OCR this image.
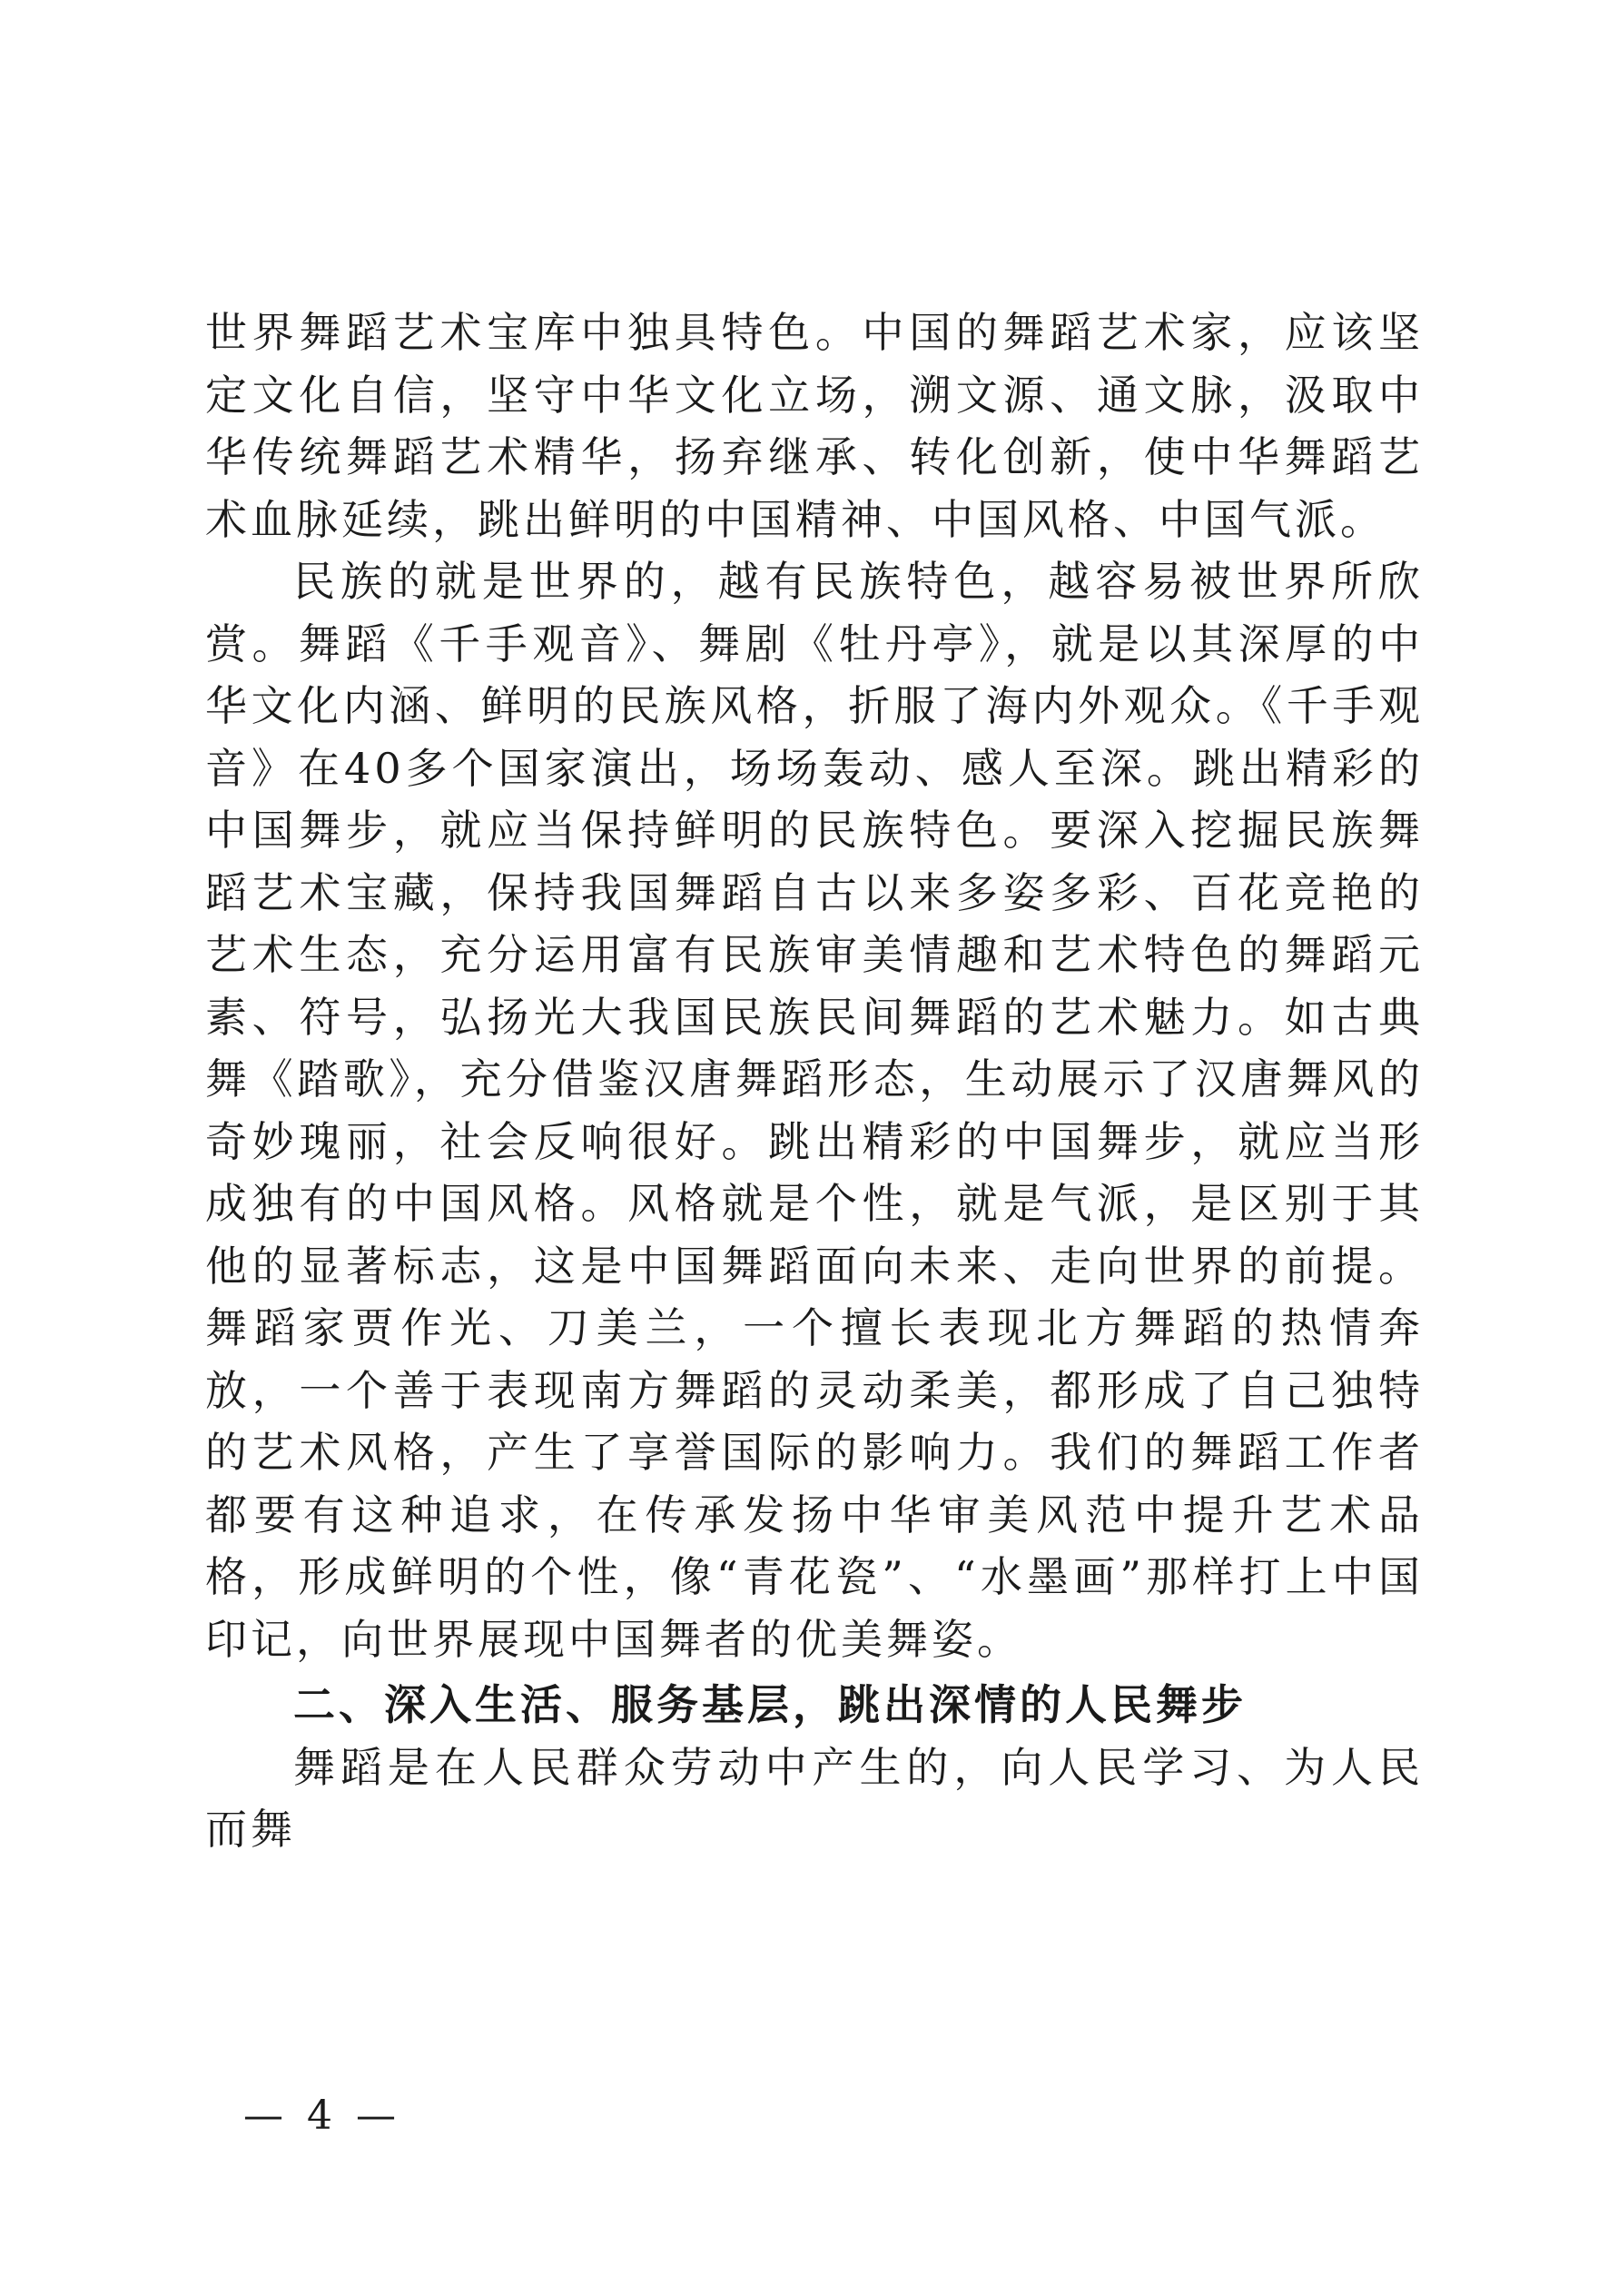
世界舞蹈艺术宝库中独具特色。中国的舞蹈艺术家，应该坚定文化自信，坚守中华文化立场，溯文源、通文脉，汲取中华传统舞蹈艺术精华，扬弃继承、转化创新，使中华舞蹈艺术血脉延续，跳出鲜明的中国精神、中国风格、中国气派。

民族的就是世界的，越有民族特色，越容易被世界所欣赏。舞蹈《千手观音》、舞剧《牡丹亭》，就是以其深厚的中华文化内涵、鲜明的民族风格，折服了海内外观众。《千手观音》在40多个国家演出，场场轰动、感人至深。跳出精彩的中国舞步，就应当保持鲜明的民族特色。要深入挖掘民族舞蹈艺术宝藏，保持我国舞蹈自古以来多姿多彩、百花竞艳的艺术生态，充分运用富有民族审美情趣和艺术特色的舞蹈元素、符号，弘扬光大我国民族民间舞蹈的艺术魅力。如古典舞《踏歌》，充分借鉴汉唐舞蹈形态，生动展示了汉唐舞风的奇妙瑰丽，社会反响很好。跳出精彩的中国舞步，就应当形成独有的中国风格。风格就是个性，就是气派，是区别于其他的显著标志，这是中国舞蹈面向未来、走向世界的前提。舞蹈家贾作光、刀美兰，一个擅长表现北方舞蹈的热情奔放，一个善于表现南方舞蹈的灵动柔美，都形成了自己独特的艺术风格，产生了享誉国际的影响力。我们的舞蹈工作者都要有这种追求，在传承发扬中华审美风范中提升艺术品格，形成鲜明的个性，像“青花瓷”、“水墨画”那样打上中国印记，向世界展现中国舞者的优美舞姿。

二、深入生活、服务基层，跳出深情的人民舞步

舞蹈是在人民群众劳动中产生的，向人民学习、为人民而舞

— 4 —
